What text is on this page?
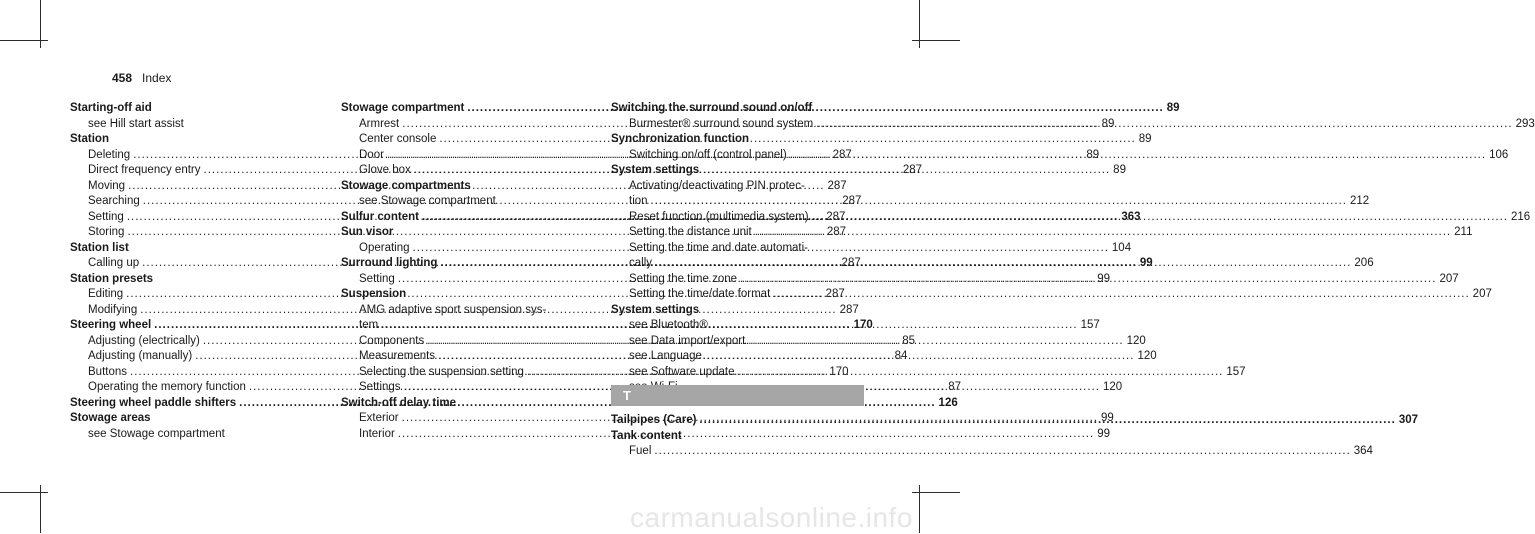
458 Index
Starting-off aid
see Hill start assist
Station
Deleting .....	287
Direct frequency entry .....	287
Moving .....	287
Searching .....	287
Setting .....	287
Storing .....	287
Station list
Calling up .....	287
Station presets
Editing .....	287
Modifying .....	287
Steering wheel .....	170
Adjusting (electrically) .....	85
Adjusting (manually) .....	84
Buttons .....	170
Operating the memory function .....	87
Steering wheel paddle shifters .....	126
Stowage areas
see Stowage compartment
Stowage compartment .....	89
Armrest .....	89
Center console .....	89
Door .....	89
Glove box .....	89
Stowage compartments
see Stowage compartment
Sulfur content .....	363
Sun visor
Operating .....	104
Surround lighting .....	99
Setting .....	99
Suspension
AMG adaptive sport suspension sys-
tem .....	157
Components .....	120
Measurements .....	120
Selecting the suspension setting .....	157
Settings .....	120
Switch-off delay time
Exterior .....	99
Interior .....	99
Switching the surround sound on/off
Burmester® surround sound system .....	293
Synchronization function
Switching on/off (control panel) .....	106
System settings
Activating/deactivating PIN protec-
tion .....	212
Reset function (multimedia system) .....	216
Setting the distance unit .....	211
Setting the time and date automati-
cally .....	206
Setting the time zone .....	207
Setting the time/date format .....	207
System settings
see Bluetooth®
see Data import/export
see Language
see Software update
T
Tailpipes (Care) .....	307
Tank content
Fuel .....	364
carmanualsonline.info
